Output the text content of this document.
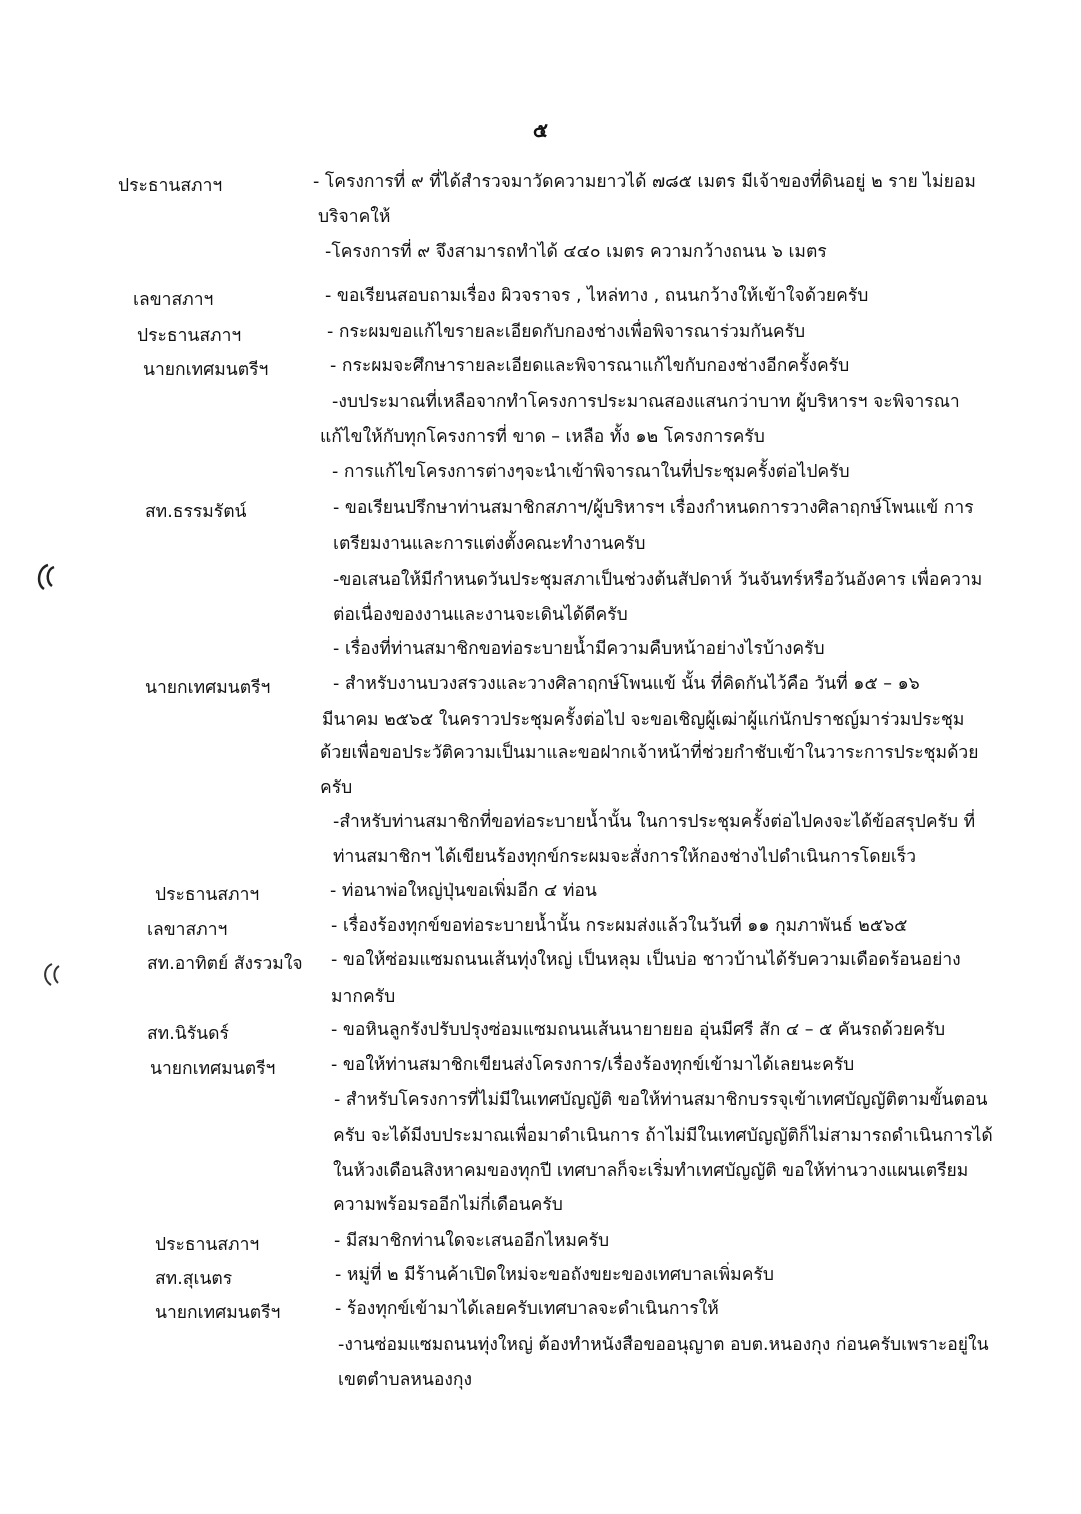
๕
ประธานสภาฯ	- โครงการที่ ๙ ที่ได้สำรวจมาวัดความยาวได้ ๗๘๕ เมตร มีเจ้าของที่ดินอยู่ ๒ ราย ไม่ยอม
บริจาคให้
-โครงการที่ ๙ จึงสามารถทำได้ ๔๔๐ เมตร ความกว้างถนน ๖ เมตร
เลขาสภาฯ	- ขอเรียนสอบถามเรื่อง ผิวจราจร , ไหล่ทาง , ถนนกว้างให้เข้าใจด้วยครับ
ประธานสภาฯ	- กระผมขอแก้ไขรายละเอียดกับกองช่างเพื่อพิจารณาร่วมกันครับ
นายกเทศมนตรีฯ	- กระผมจะศึกษารายละเอียดและพิจารณาแก้ไขกับกองช่างอีกครั้งครับ
-งบประมาณที่เหลือจากทำโครงการประมาณสองแสนกว่าบาท ผู้บริหารฯ จะพิจารณา
แก้ไขให้กับทุกโครงการที่ ขาด – เหลือ ทั้ง ๑๒ โครงการครับ
- การแก้ไขโครงการต่างๆจะนำเข้าพิจารณาในที่ประชุมครั้งต่อไปครับ
สท.ธรรมรัตน์	- ขอเรียนปรึกษาท่านสมาชิกสภาฯ/ผู้บริหารฯ เรื่องกำหนดการวางศิลาฤกษ์โพนแข้ การ
เตรียมงานและการแต่งตั้งคณะทำงานครับ
-ขอเสนอให้มีกำหนดวันประชุมสภาเป็นช่วงต้นสัปดาห์ วันจันทร์หรือวันอังคาร เพื่อความ
ต่อเนื่องของงานและงานจะเดินได้ดีครับ
- เรื่องที่ท่านสมาชิกขอท่อระบายน้ำมีความคืบหน้าอย่างไรบ้างครับ
นายกเทศมนตรีฯ	- สำหรับงานบวงสรวงและวางศิลาฤกษ์โพนแข้ นั้น ที่คิดกันไว้คือ วันที่ ๑๕ – ๑๖
มีนาคม ๒๕๖๕ ในคราวประชุมครั้งต่อไป จะขอเชิญผู้เฒ่าผู้แก่นักปราชญ์มาร่วมประชุม
ด้วยเพื่อขอประวัติความเป็นมาและขอฝากเจ้าหน้าที่ช่วยกำชับเข้าในวาระการประชุมด้วย
ครับ
-สำหรับท่านสมาชิกที่ขอท่อระบายน้ำนั้น ในการประชุมครั้งต่อไปคงจะได้ข้อสรุปครับ ที่
ท่านสมาชิกฯ ได้เขียนร้องทุกข์กระผมจะสั่งการให้กองช่างไปดำเนินการโดยเร็ว
ประธานสภาฯ	- ท่อนาพ่อใหญ่ปุ่นขอเพิ่มอีก ๔ ท่อน
เลขาสภาฯ	- เรื่องร้องทุกข์ขอท่อระบายน้ำนั้น กระผมส่งแล้วในวันที่ ๑๑ กุมภาพันธ์ ๒๕๖๕
สท.อาทิตย์ สังรวมใจ - ขอให้ซ่อมแซมถนนเส้นทุ่งใหญ่ เป็นหลุม เป็นบ่อ ชาวบ้านได้รับความเดือดร้อนอย่าง
มากครับ
สท.นิรันดร์	- ขอหินลูกรังปรับปรุงซ่อมแซมถนนเส้นนายายยอ อุ่นมีศรี สัก ๔ – ๕ คันรถด้วยครับ
นายกเทศมนตรีฯ	- ขอให้ท่านสมาชิกเขียนส่งโครงการ/เรื่องร้องทุกข์เข้ามาได้เลยนะครับ
- สำหรับโครงการที่ไม่มีในเทศบัญญัติ ขอให้ท่านสมาชิกบรรจุเข้าเทศบัญญัติตามขั้นตอน
ครับ จะได้มีงบประมาณเพื่อมาดำเนินการ ถ้าไม่มีในเทศบัญญัติก็ไม่สามารถดำเนินการได้
ในห้วงเดือนสิงหาคมของทุกปี เทศบาลก็จะเริ่มทำเทศบัญญัติ ขอให้ท่านวางแผนเตรียม
ความพร้อมรออีกไม่กี่เดือนครับ
ประธานสภาฯ	- มีสมาชิกท่านใดจะเสนออีกไหมครับ
สท.สุเนตร	- หมู่ที่ ๒ มีร้านค้าเปิดใหม่จะขอถังขยะของเทศบาลเพิ่มครับ
นายกเทศมนตรีฯ	- ร้องทุกข์เข้ามาได้เลยครับเทศบาลจะดำเนินการให้
-งานซ่อมแซมถนนทุ่งใหญ่ ต้องทำหนังสือขออนุญาต อบต.หนองกุง ก่อนครับเพราะอยู่ใน
เขตตำบลหนองกุง
